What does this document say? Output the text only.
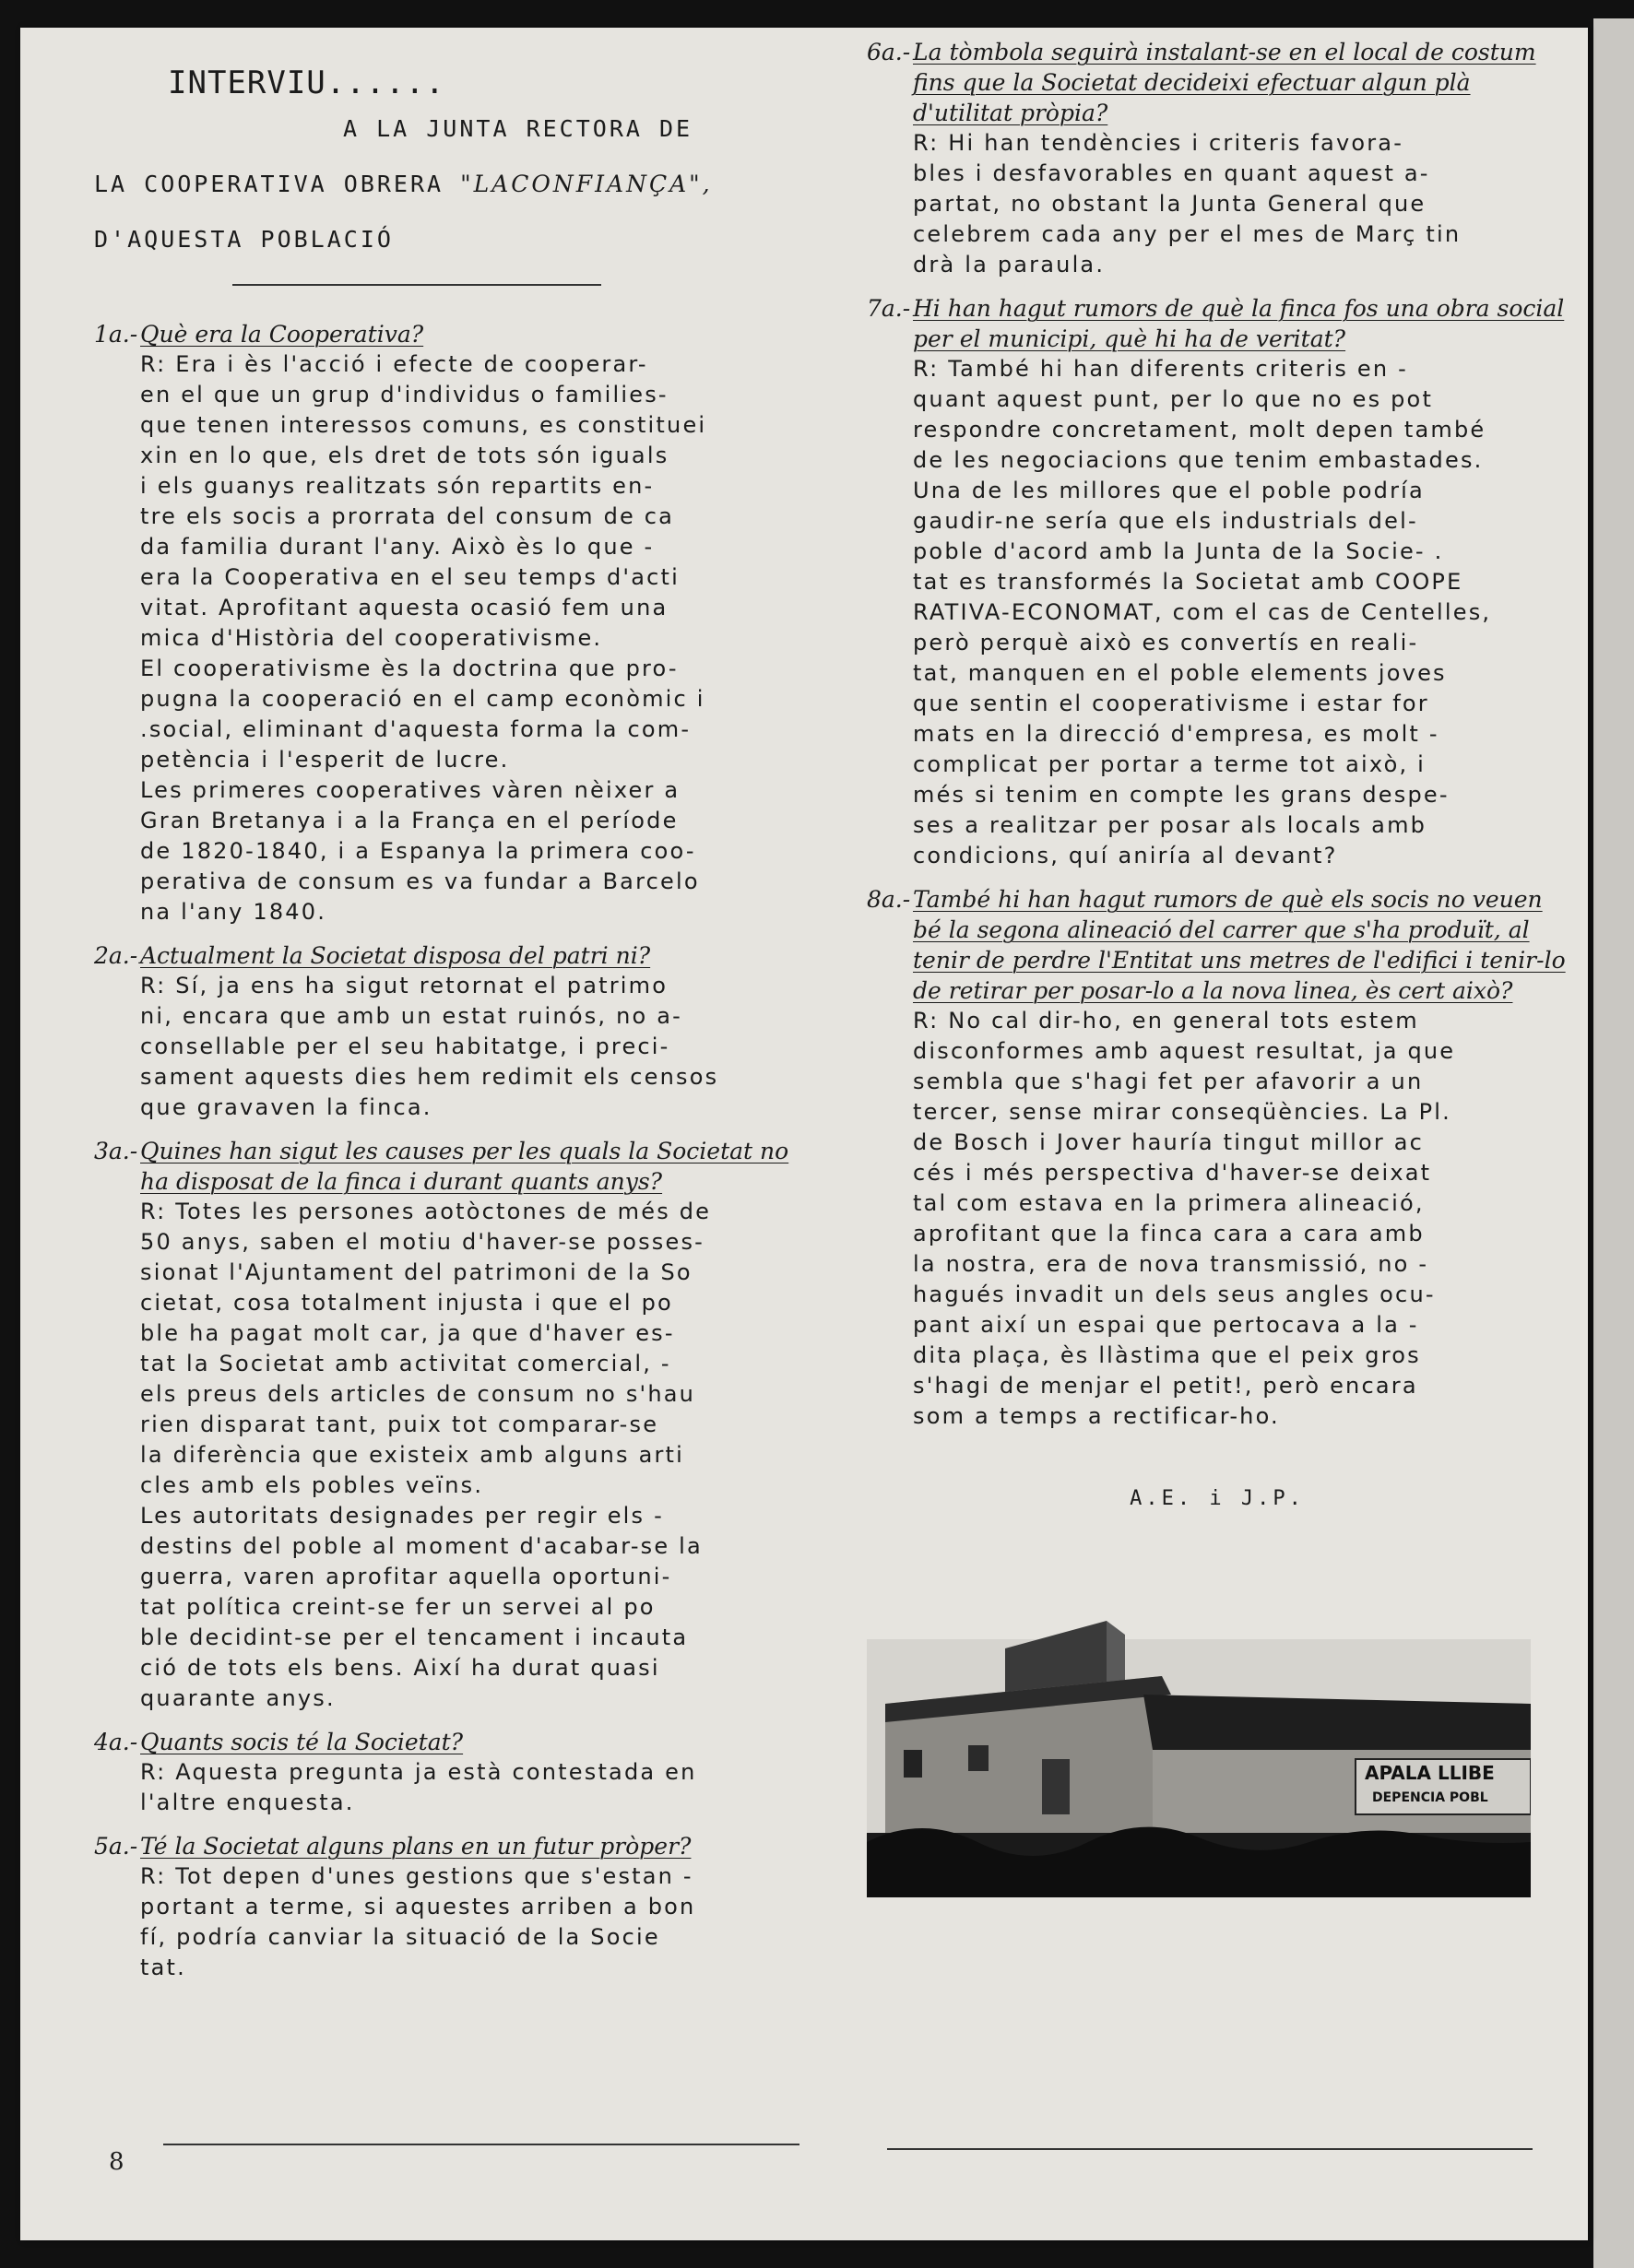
INTERVIU......
A LA JUNTA RECTORA DE
LA COOPERATIVA OBRERA "LACONFIANÇA",
D'AQUESTA POBLACIÓ
1a.- Què era la Cooperativa?
R: Era i ès l'acció i efecte de cooperar-
en el que un grup d'individus o families-
que tenen interessos comuns, es constituei
xin en lo que, els dret de tots són iguals
i els guanys realitzats són repartits en-
tre els socis a prorrata del consum de ca
da familia durant l'any. Això ès lo que -
era la Cooperativa en el seu temps d'acti
vitat. Aprofitant aquesta ocasió fem una
mica d'Història del cooperativisme.
El cooperativisme ès la doctrina que pro-
pugna la cooperació en el camp econòmic i
.social, eliminant d'aquesta forma la com-
petència i l'esperit de lucre.
Les primeres cooperatives vàren nèixer a
Gran Bretanya i a la França en el període
de 1820-1840, i a Espanya la primera coo-
perativa de consum es va fundar a Barcelo
na l'any 1840.
2a.- Actualment la Societat disposa del patri ni?
R: Sí, ja ens ha sigut retornat el patrimo
ni, encara que amb un estat ruinós, no a-
consellable per el seu habitatge, i preci-
sament aquests dies hem redimit els censos
que gravaven la finca.
3a.- Quines han sigut les causes per les quals la Societat no ha disposat de la finca i durant quants anys?
R: Totes les persones aotòctones de més de
50 anys, saben el motiu d'haver-se posses-
sionat l'Ajuntament del patrimoni de la So
cietat, cosa totalment injusta i que el po
ble ha pagat molt car, ja que d'haver es-
tat la Societat amb activitat comercial, -
els preus dels articles de consum no s'hau
rien disparat tant, puix tot comparar-se
la diferència que existeix amb alguns arti
cles amb els pobles veïns.
Les autoritats designades per regir els -
destins del poble al moment d'acabar-se la
guerra, varen aprofitar aquella oportuni-
tat política creint-se fer un servei al po
ble decidint-se per el tencament i incauta
ció de tots els bens. Així ha durat quasi
quarante anys.
4a.- Quants socis té la Societat?
R: Aquesta pregunta ja està contestada en
l'altre enquesta.
5a.- Té la Societat alguns plans en un futur pròper?
R: Tot depen d'unes gestions que s'estan -
portant a terme, si aquestes arriben a bon
fí, podría canviar la situació de la Socie
tat.
6a.- La tòmbola seguirà instalant-se en el local de costum fins que la Societat decideixi efectuar algun plà d'utilitat pròpia?
R: Hi han tendències i criteris favora-
bles i desfavorables en quant aquest a-
partat, no obstant la Junta General que
celebrem cada any per el mes de Març tin
drà la paraula.
7a.- Hi han hagut rumors de què la finca fos una obra social per el municipi, què hi ha de veritat?
R: També hi han diferents criteris en -
quant aquest punt, per lo que no es pot
respondre concretament, molt depen també
de les negociacions que tenim embastades.
Una de les millores que el poble podría
gaudir-ne sería que els industrials del-
poble d'acord amb la Junta de la Socie- .
tat es transformés la Societat amb COOPE
RATIVA-ECONOMAT, com el cas de Centelles,
però perquè això es convertís en reali-
tat, manquen en el poble elements joves
que sentin el cooperativisme i estar for
mats en la direcció d'empresa, es molt -
complicat per portar a terme tot això, i
més si tenim en compte les grans despe-
ses a realitzar per posar als locals amb
condicions, quí aniría al devant?
8a.- També hi han hagut rumors de què els socis no veuen bé la segona alineació del carrer que s'ha produït, al tenir de perdre l'Entitat uns metres de l'edifici i tenir-lo de retirar per posar-lo a la nova linea, ès cert això?
R: No cal dir-ho, en general tots estem
disconformes amb aquest resultat, ja que
sembla que s'hagi fet per afavorir a un
tercer, sense mirar conseqüències. La Pl.
de Bosch i Jover hauría tingut millor ac
cés i més perspectiva d'haver-se deixat
tal com estava en la primera alineació,
aprofitant que la finca cara a cara amb
la nostra, era de nova transmissió, no -
hagués invadit un dels seus angles ocu-
pant així un espai que pertocava a la -
dita plaça, ès llàstima que el peix gros
s'hagi de menjar el petit!, però encara
som a temps a rectificar-ho.
A.E. i J.P.
APALA LLIBE
DEPENCIA POBL
8
